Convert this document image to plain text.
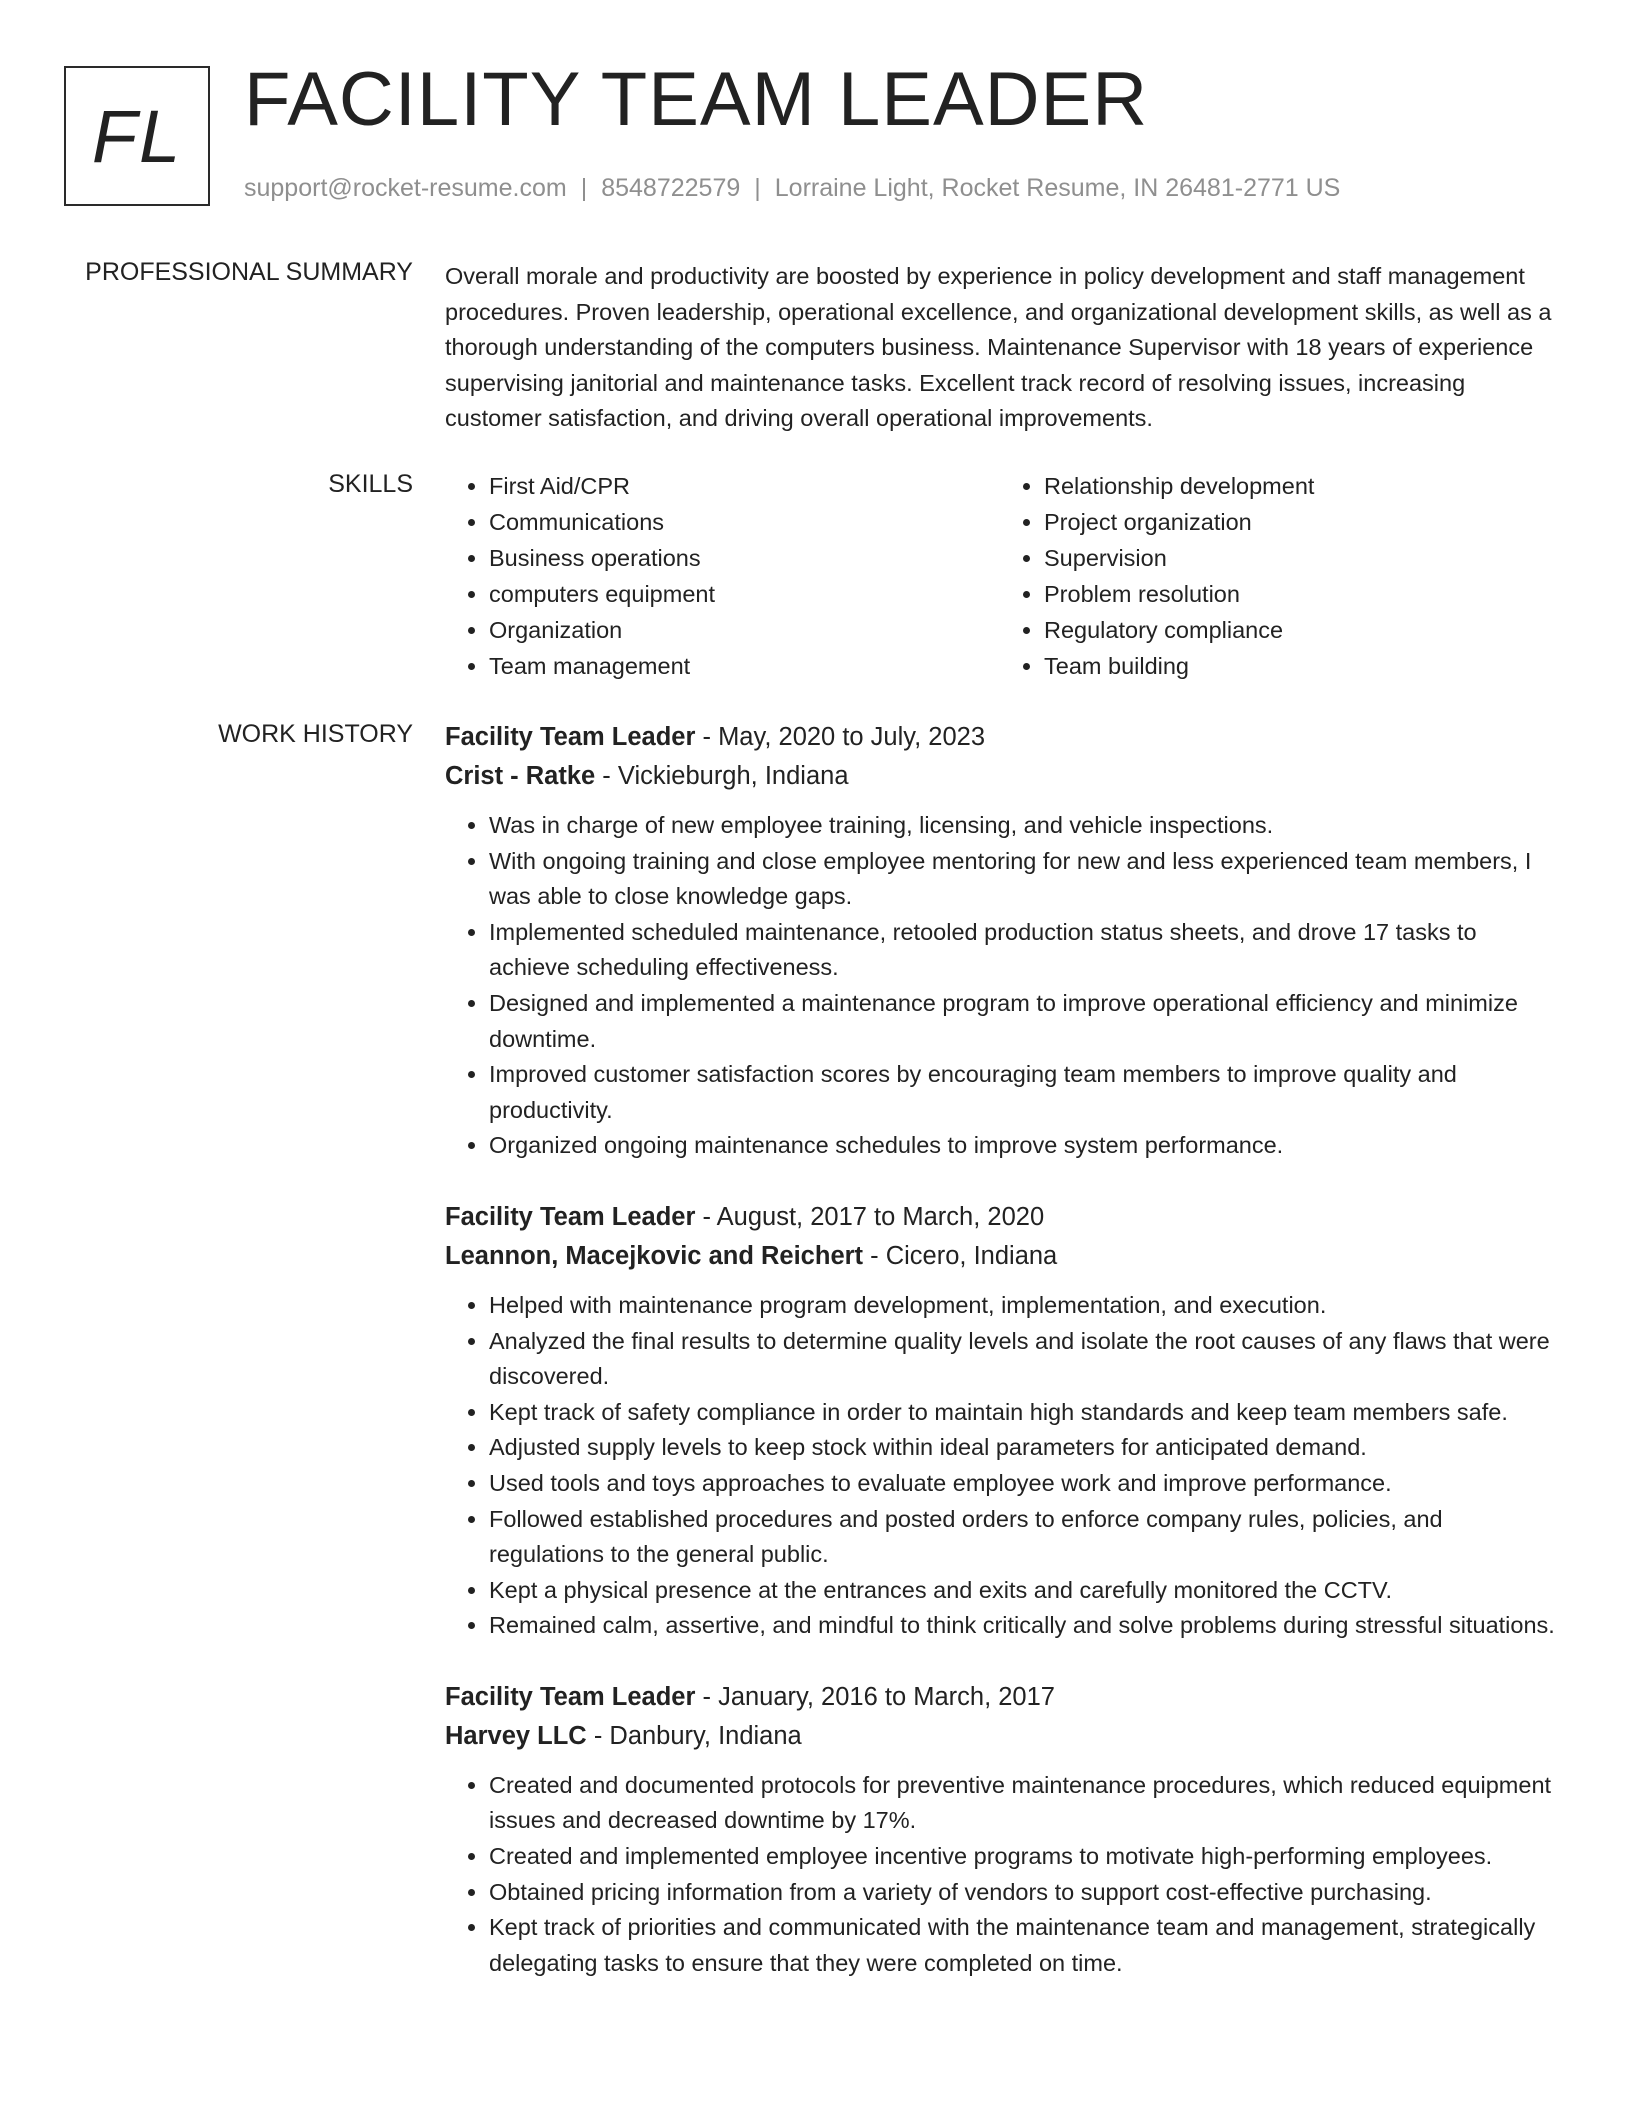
FL FACILITY TEAM LEADER
support@rocket-resume.com | 8548722579 | Lorraine Light, Rocket Resume, IN 26481-2771 US
PROFESSIONAL SUMMARY Overall morale and productivity are boosted by experience in policy development and staff management procedures. Proven leadership, operational excellence, and organizational development skills, as well as a thorough understanding of the computers business. Maintenance Supervisor with 18 years of experience supervising janitorial and maintenance tasks. Excellent track record of resolving issues, increasing customer satisfaction, and driving overall operational improvements.

SKILLS
•	First Aid/CPR
• Communications
• Business operations
• computers equipment
• Organization
• Team management
• Relationship development
• Project organization
• Supervision
• Problem resolution
• Regulatory compliance
• Team building
WORK HISTORY Facility Team Leader - May, 2020 to July, 2023
Crist - Ratke - Vickieburgh, Indiana
• Was in charge of new employee training, licensing, and vehicle inspections.
• With ongoing training and close employee mentoring for new and less experienced team members, I was able to close knowledge gaps.
• Implemented scheduled maintenance, retooled production status sheets, and drove 17 tasks to achieve scheduling effectiveness.
• Designed and implemented a maintenance program to improve operational efficiency and minimize downtime.
• Improved customer satisfaction scores by encouraging team members to improve quality and productivity.
• Organized ongoing maintenance schedules to improve system performance.
Facility Team Leader - August, 2017 to March, 2020
Leannon, Macejkovic and Reichert - Cicero, Indiana
• Helped with maintenance program development, implementation, and execution.
• Analyzed the final results to determine quality levels and isolate the root causes of any flaws that were discovered.
• Kept track of safety compliance in order to maintain high standards and keep team members safe.
• Adjusted supply levels to keep stock within ideal parameters for anticipated demand.
• Used tools and toys approaches to evaluate employee work and improve performance.
• Followed established procedures and posted orders to enforce company rules, policies, and regulations to the general public.
• Kept a physical presence at the entrances and exits and carefully monitored the CCTV.
• Remained calm, assertive, and mindful to think critically and solve problems during stressful situations.
Facility Team Leader - January, 2016 to March, 2017
Harvey LLC - Danbury, Indiana
• Created and documented protocols for preventive maintenance procedures, which reduced equipment issues and decreased downtime by 17%.
• Created and implemented employee incentive programs to motivate high-performing employees.
• Obtained pricing information from a variety of vendors to support cost-effective purchasing.
• Kept track of priorities and communicated with the maintenance team and management, strategically delegating tasks to ensure that they were completed on time.
